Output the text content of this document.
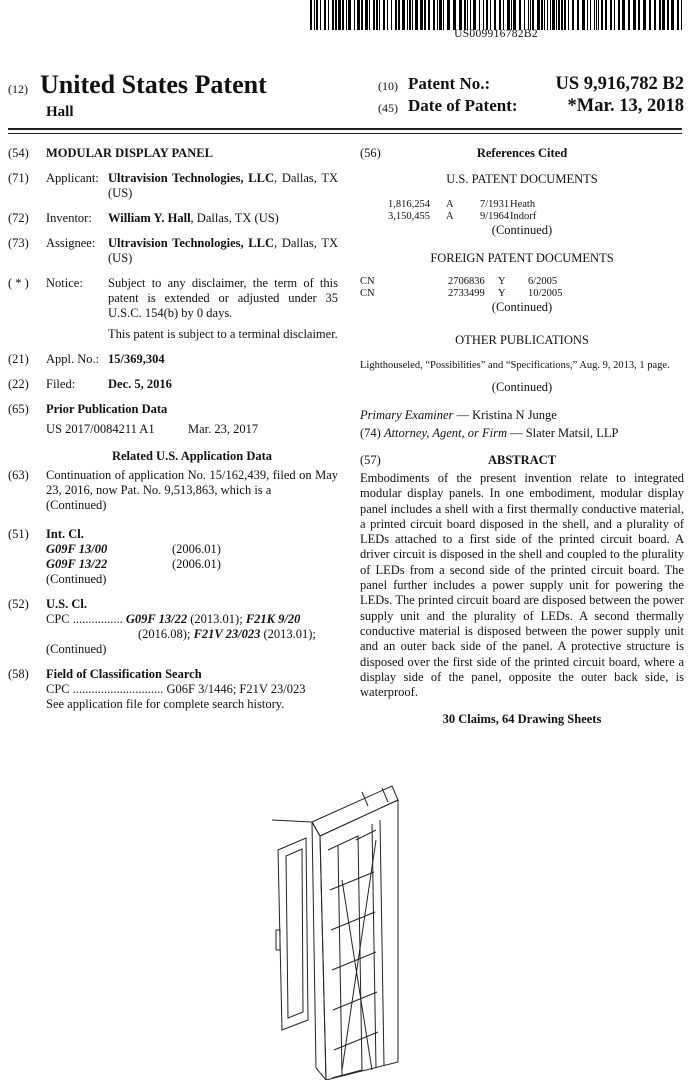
US009916782B2
(12) United States Patent
Hall
(10) Patent No.:	US 9,916,782 B2
(45) Date of Patent:	*Mar. 13, 2018
(54) MODULAR DISPLAY PANEL
(71) Applicant: Ultravision Technologies, LLC, Dallas, TX (US)
(72) Inventor: William Y. Hall, Dallas, TX (US)
(73) Assignee: Ultravision Technologies, LLC, Dallas, TX (US)
( * ) Notice: Subject to any disclaimer, the term of this patent is extended or adjusted under 35 U.S.C. 154(b) by 0 days.
This patent is subject to a terminal disclaimer.
(21) Appl. No.: 15/369,304
(22) Filed:	Dec. 5, 2016
(65) Prior Publication Data
US 2017/0084211 A1	Mar. 23, 2017
Related U.S. Application Data
(63) Continuation of application No. 15/162,439, filed on May 23, 2016, now Pat. No. 9,513,863, which is a
(Continued)
(51) Int. Cl.
G09F 13/00	(2006.01)
G09F 13/22	(2006.01)
(Continued)
(52) U.S. Cl.
CPC ................ G09F 13/22 (2013.01); F21K 9/20
(2016.08); F21V 23/023 (2013.01);
(Continued)
(58) Field of Classification Search
CPC ............................. G06F 3/1446; F21V 23/023
See application file for complete search history.
(56)	References Cited
U.S. PATENT DOCUMENTS
1,816,254 A	7/1931 Heath
3,150,455 A	9/1964 Indorf
(Continued)
FOREIGN PATENT DOCUMENTS
CN	2706836 Y 6/2005
CN	2733499 Y 10/2005
(Continued)
OTHER PUBLICATIONS
Lighthouseled, “Possibilities” and “Specifications,” Aug. 9, 2013, 1 page.
(Continued)
Primary Examiner — Kristina N Junge
(74) Attorney, Agent, or Firm — Slater Matsil, LLP
(57)	ABSTRACT
Embodiments of the present invention relate to integrated modular display panels. In one embodiment, modular display panel includes a shell with a first thermally conductive material, a printed circuit board disposed in the shell, and a plurality of LEDs attached to a first side of the printed circuit board. A driver circuit is disposed in the shell and coupled to the plurality of LEDs from a second side of the printed circuit board. The panel further includes a power supply unit for powering the LEDs. The printed circuit board are disposed between the power supply unit and the plurality of LEDs. A second thermally conductive material is disposed between the power supply unit and an outer back side of the panel. A protective structure is disposed over the first side of the printed circuit board, where a display side of the panel, opposite the outer back side, is waterproof.
30 Claims, 64 Drawing Sheets
